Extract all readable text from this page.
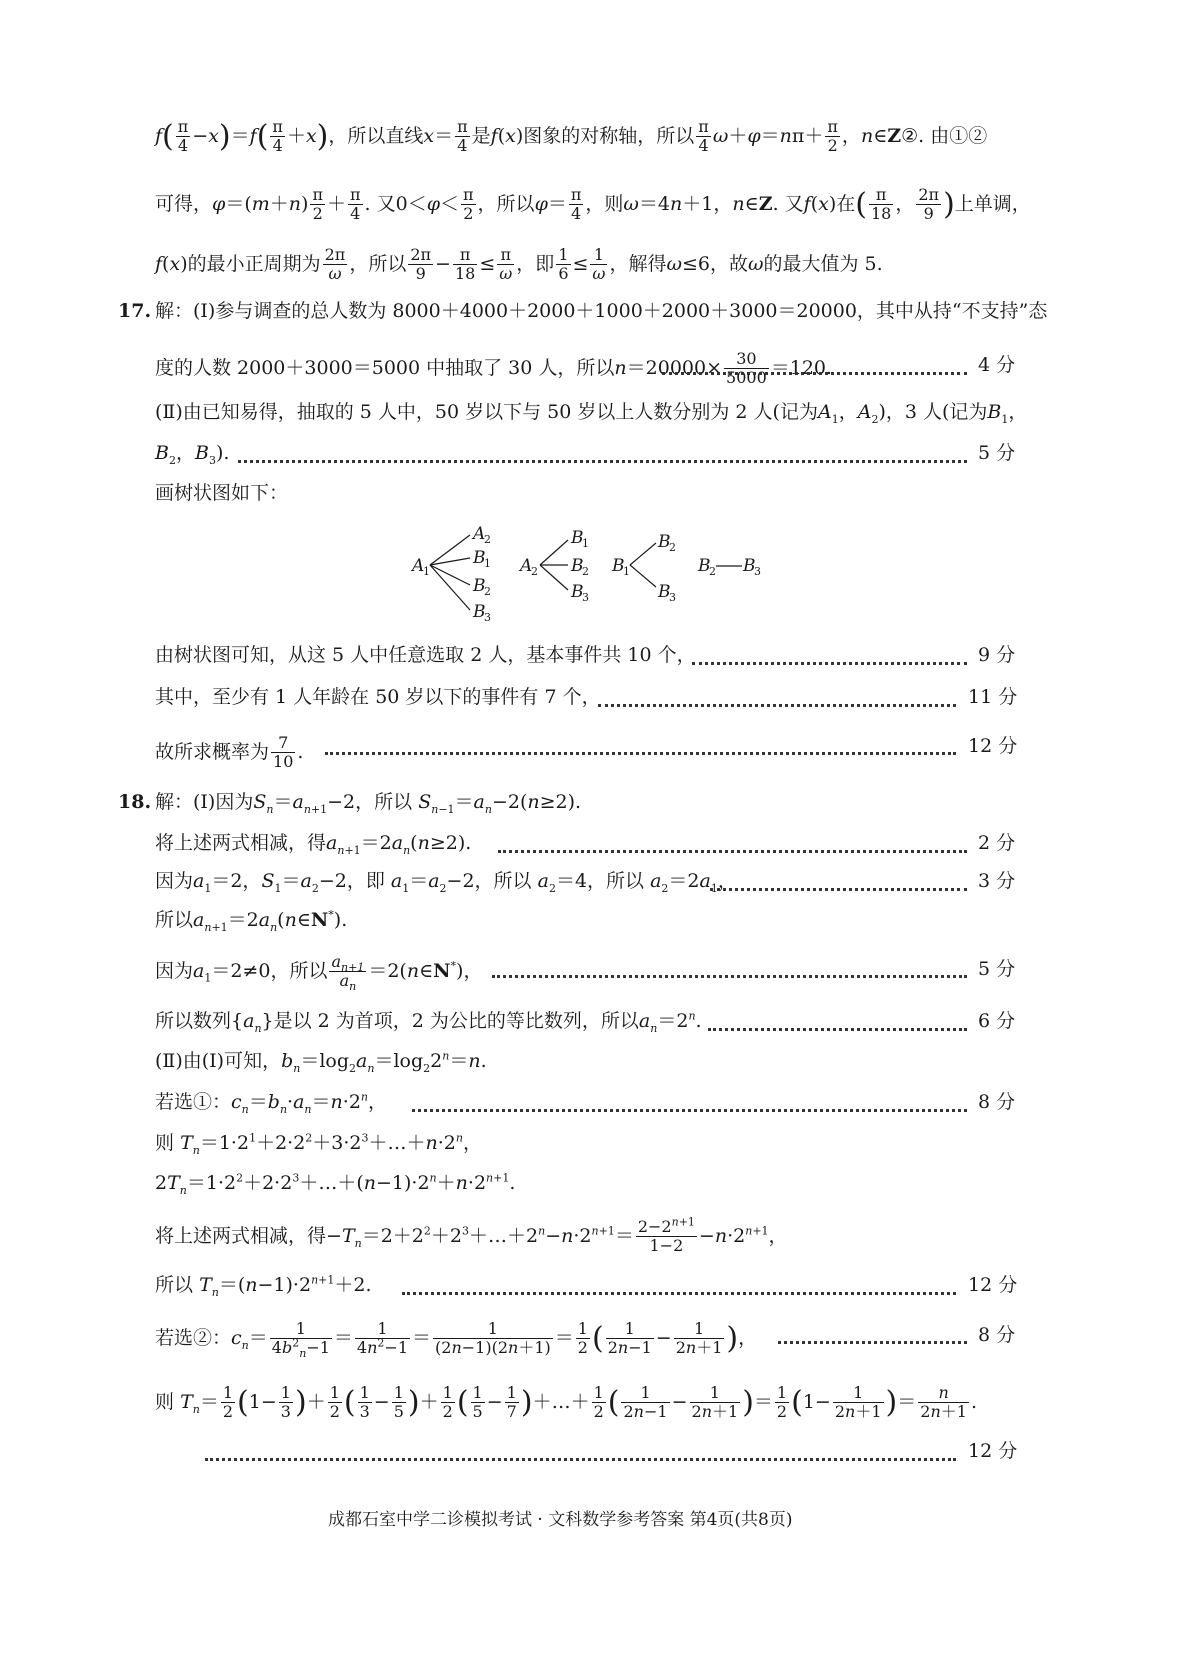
$f( \frac{\pi}{4} -x)=f( \frac{\pi}{4} +x)$，所以直线$x= \frac{\pi}{4}$ 是f(x)图象的对称轴，所以 $\frac{\pi}{4} \omega+\varphi=n\pi+ \frac{\pi}{2}$ ，n∈Z②. 由①②
可得，$\varphi=(m+n) \frac{\pi}{2} + \frac{\pi}{4}$ . 又$0<\varphi< \frac{\pi}{2}$ ，所以$\varphi= \frac{\pi}{4}$ ，则ω＝4n＋1，n∈Z. 又f(x)在( $\frac{\pi}{18}$ ， $\frac{2\pi}{9}$ )上单调，
f(x)的最小正周期为 $\frac{2\pi}{\omega}$ ，所以 $\frac{2\pi}{9} - \frac{\pi}{18} \le \frac{\pi}{\omega}$ ，即 $\frac{1}{6} \le \frac{1}{\omega}$ ，解得ω≤6，故ω的最大值为 5.
17. 解：(Ⅰ)参与调查的总人数为 8000＋4000＋2000＋1000＋2000＋3000＝20000，其中从持“不支持”态
度的人数 2000＋3000＝5000 中抽取了 30 人，所以$n=20000\times \frac{30}{5000} =120$.	4 分
(Ⅱ)由已知易得，抽取的 5 人中，50 岁以下与 50 岁以上人数分别为 2 人(记为$A_1$，$A_2$)，3 人(记为$B_1$，
$B_2$，$B_3$).	5 分
画树状图如下：
A
1
A
2
B
1
B
2
B
3
A
2
B
1
B
2
B
3
B
1
B
2
B
3
B
2 B
3
由树状图可知，从这 5 人中任意选取 2 人，基本事件共 10 个，	9 分
其中，至少有 1 人年龄在 50 岁以下的事件有 7 个，	11 分
故所求概率为 $\frac{7}{10}$ .	12 分
18. 解：(Ⅰ)因为$S_n=a_{n+1}-2$，所以 $S_{n-1}=a_n-2(n\ge 2)$.
将上述两式相减，得$a_{n+1}=2a_n(n\ge 2)$.	2 分
因为$a_1=2$，$S_1=a_2-2$，即 $a_1=a_2-2$，所以 $a_2=4$，所以 $a_2=2a_1$，	3 分
所以$a_{n+1}=2a_n(n\in N^*)$.
因为$a_1=2\ne 0$，所以 $\frac{a_{n+1}}{a_n}$ ＝2(n∈N*)，	5 分
所以数列$\{a_n\}$是以 2 为首项，2 为公比的等比数列，所以$a_n=2^n$.	6 分
(Ⅱ)由(Ⅰ)可知，$b_n=\log_2a_n=\log_22^n=n$.
若选①：$c_n=b_n\cdot a_n=n\cdot 2^n$，	8 分
则 $T_n=1\cdot 2^1+2\cdot 2^2+3\cdot 2^3+\dots+n\cdot 2^n$，
$2T_n=1\cdot 2^2+2\cdot 2^3+\dots+(n-1)\cdot 2^n+n\cdot 2^{n+1}$.
将上述两式相减，得$-T_n=2+2^2+2^3+\dots+2^n-n\cdot 2^{n+1}= \frac{2-2^{n+1}}{1-2} -n\cdot 2^{n+1}$，
所以 $T_n=(n-1)\cdot 2^{n+1}+2$.	12 分
若选②：$c_n= \frac{1}{4b^2_n-1} = \frac{1}{4n^2-1} = \frac{1}{(2n-1)(2n+1)} = \frac{1}{2}$ ( $\frac{1}{2n-1} - \frac{1}{2n+1}$ )，	8 分
则 $T_n= \frac{1}{2} (1- \frac{1}{3}$ )＋ $\frac{1}{2}$ ( $\frac{1}{3} - \frac{1}{5}$ )＋ $\frac{1}{2}$ ( $\frac{1}{5} - \frac{1}{7}$ )＋…＋ $\frac{1}{2}$ ( $\frac{1}{2n-1} - \frac{1}{2n+1}$ )＝ $\frac{1}{2} (1- \frac{1}{2n+1}$ )＝ $\frac{n}{2n+1}$ .
12 分
成都石室中学二诊模拟考试 · 文科数学参考答案 第4页(共8页)
